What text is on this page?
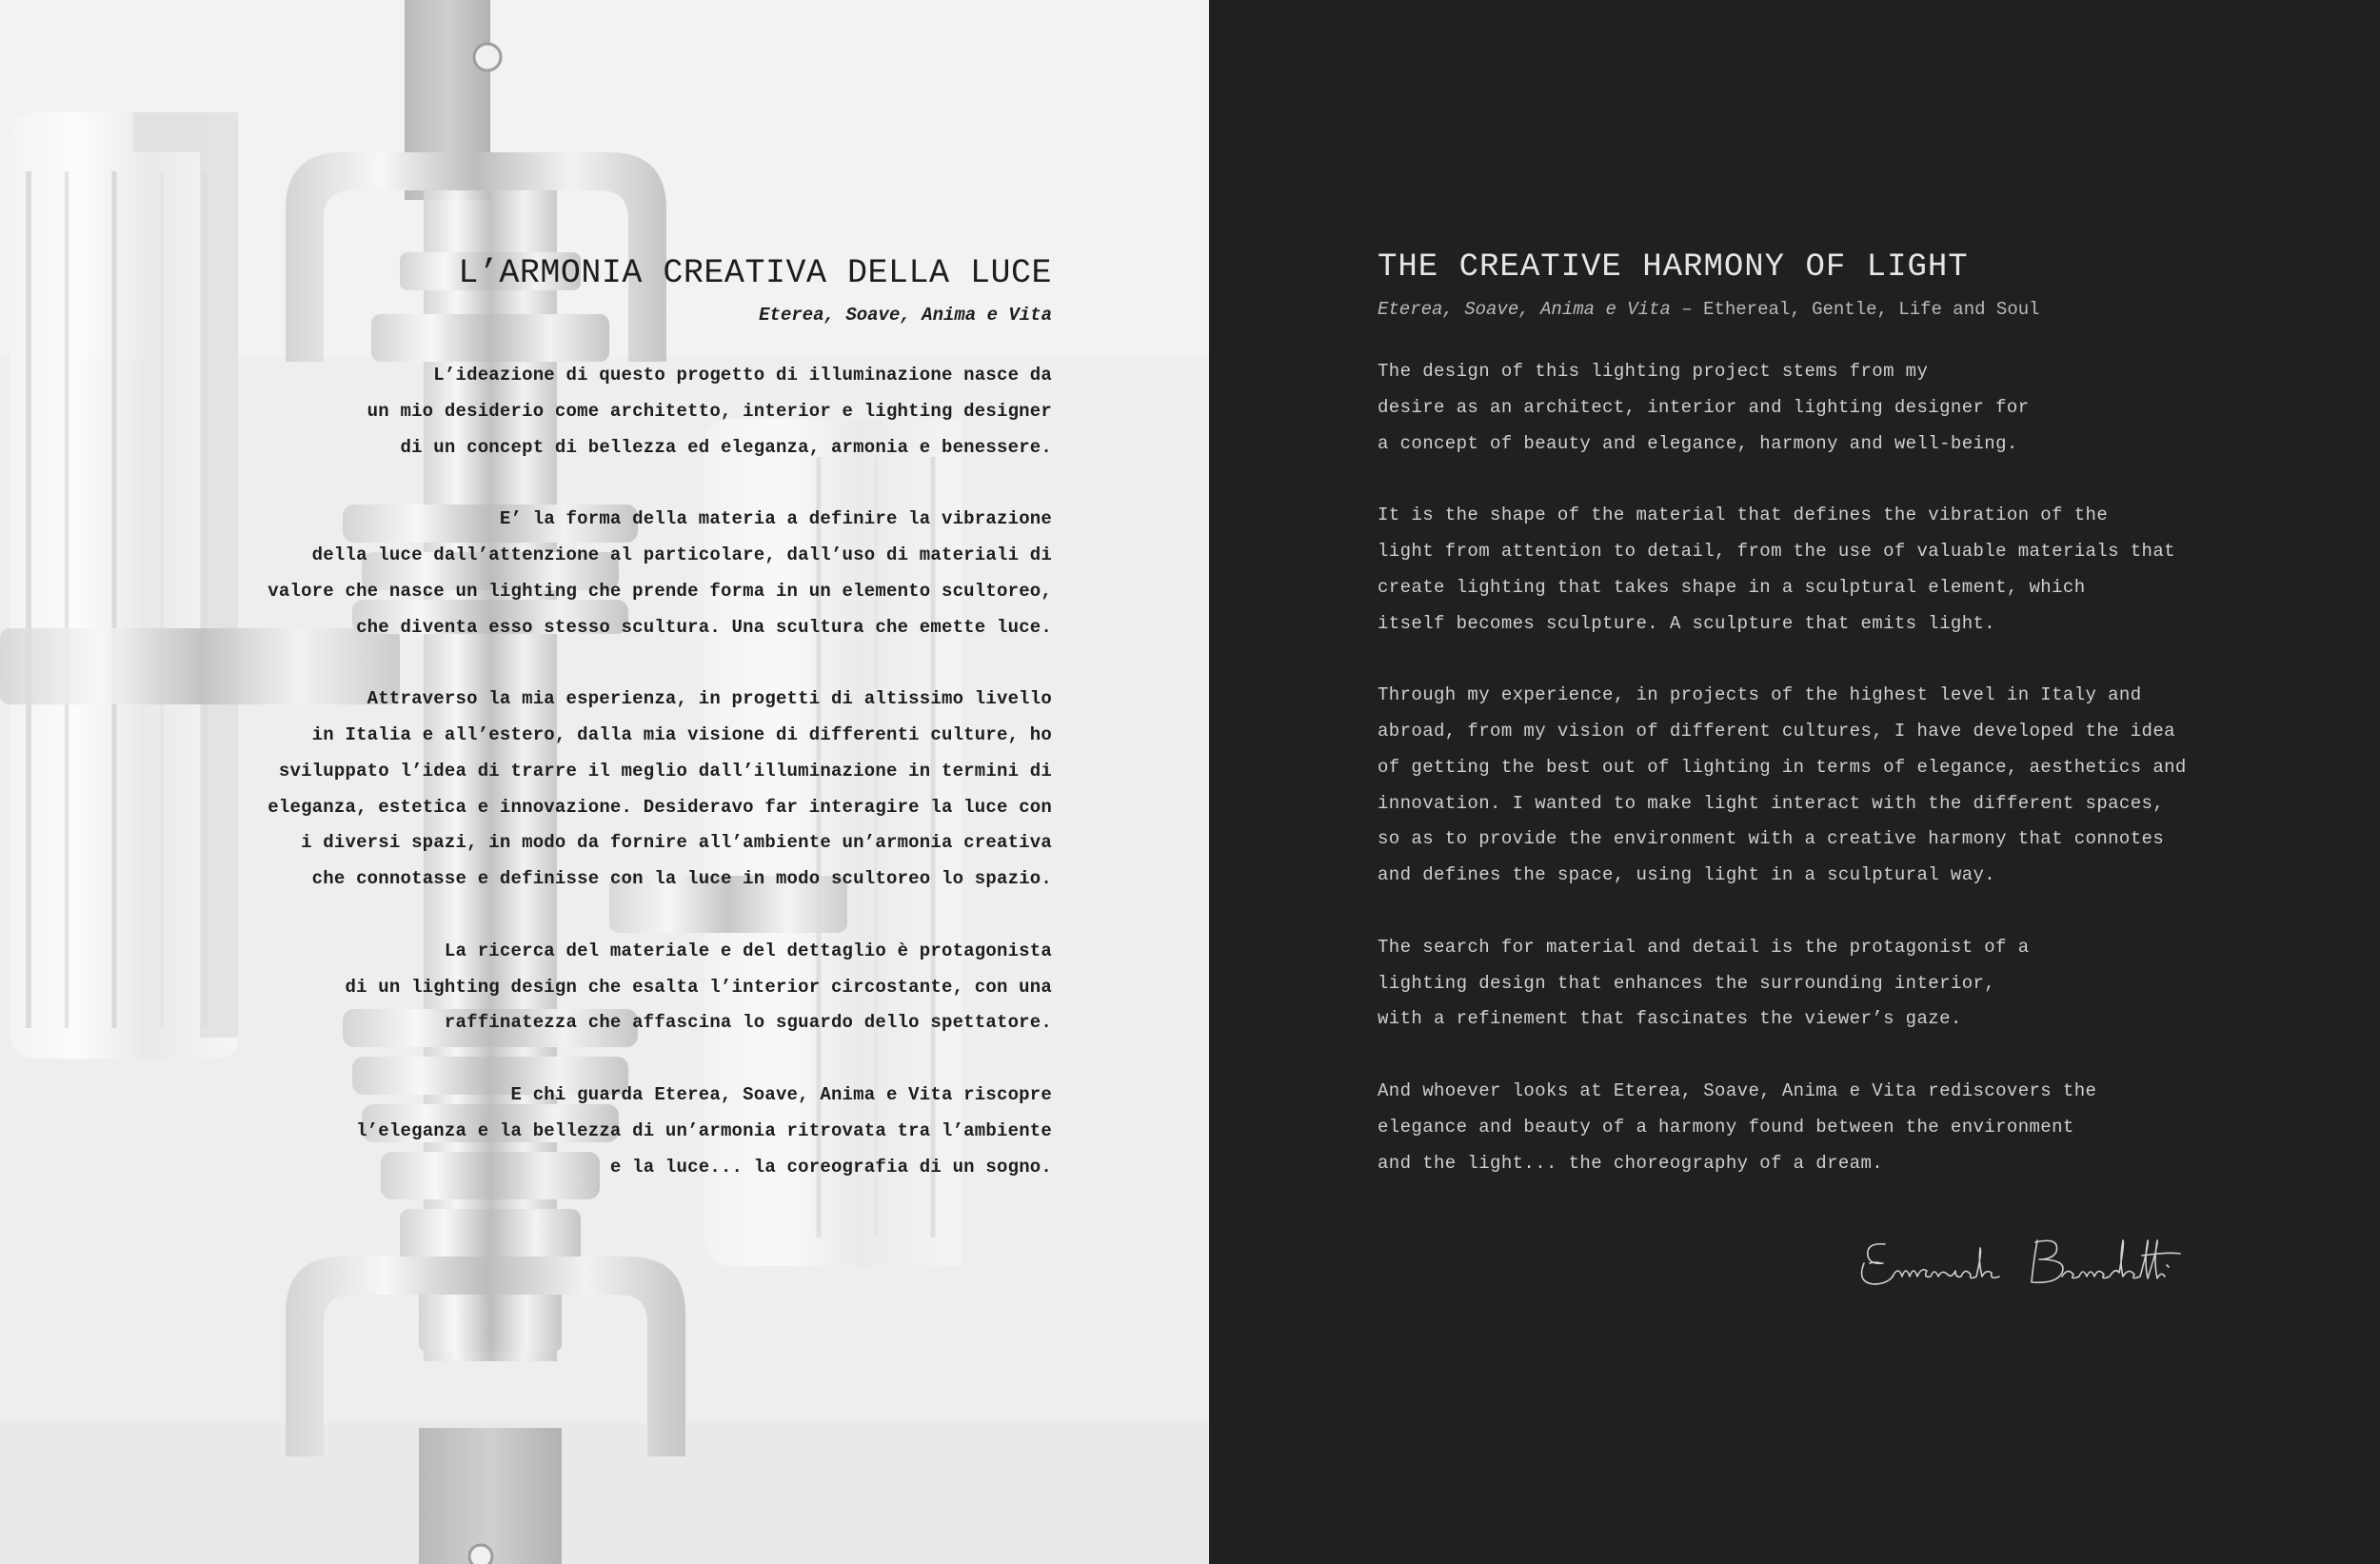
L’ARMONIA CREATIVA DELLA LUCE

Eterea, Soave, Anima e Vita

L’ideazione di questo progetto di illuminazione nasce da
un mio desiderio come architetto, interior e lighting designer
di un concept di bellezza ed eleganza, armonia e benessere.

E’ la forma della materia a definire la vibrazione
della luce dall’attenzione al particolare, dall’uso di materiali di
valore che nasce un lighting che prende forma in un elemento scultoreo,
che diventa esso stesso scultura. Una scultura che emette luce.

Attraverso la mia esperienza, in progetti di altissimo livello
in Italia e all’estero, dalla mia visione di differenti culture, ho
sviluppato l’idea di trarre il meglio dall’illuminazione in termini di
eleganza, estetica e innovazione. Desideravo far interagire la luce con
i diversi spazi, in modo da fornire all’ambiente un’armonia creativa
che connotasse e definisse con la luce in modo scultoreo lo spazio.

La ricerca del materiale e del dettaglio è protagonista
di un lighting design che esalta l’interior circostante, con una
raffinatezza che affascina lo sguardo dello spettatore.

E chi guarda Eterea, Soave, Anima e Vita riscopre
l’eleganza e la bellezza di un’armonia ritrovata tra l’ambiente
e la luce... la coreografia di un sogno.

THE CREATIVE HARMONY OF LIGHT

Eterea, Soave, Anima e Vita – Ethereal, Gentle, Life and Soul

The design of this lighting project stems from my
desire as an architect, interior and lighting designer for
a concept of beauty and elegance, harmony and well-being.

It is the shape of the material that defines the vibration of the
light from attention to detail, from the use of valuable materials that
create lighting that takes shape in a sculptural element, which
itself becomes sculpture. A sculpture that emits light.

Through my experience, in projects of the highest level in Italy and
abroad, from my vision of different cultures, I have developed the idea
of getting the best out of lighting in terms of elegance, aesthetics and
innovation. I wanted to make light interact with the different spaces,
so as to provide the environment with a creative harmony that connotes
and defines the space, using light in a sculptural way.

The search for material and detail is the protagonist of a
lighting design that enhances the surrounding interior,
with a refinement that fascinates the viewer’s gaze.

And whoever looks at Eterea, Soave, Anima e Vita rediscovers the
elegance and beauty of a harmony found between the environment
and the light... the choreography of a dream.
